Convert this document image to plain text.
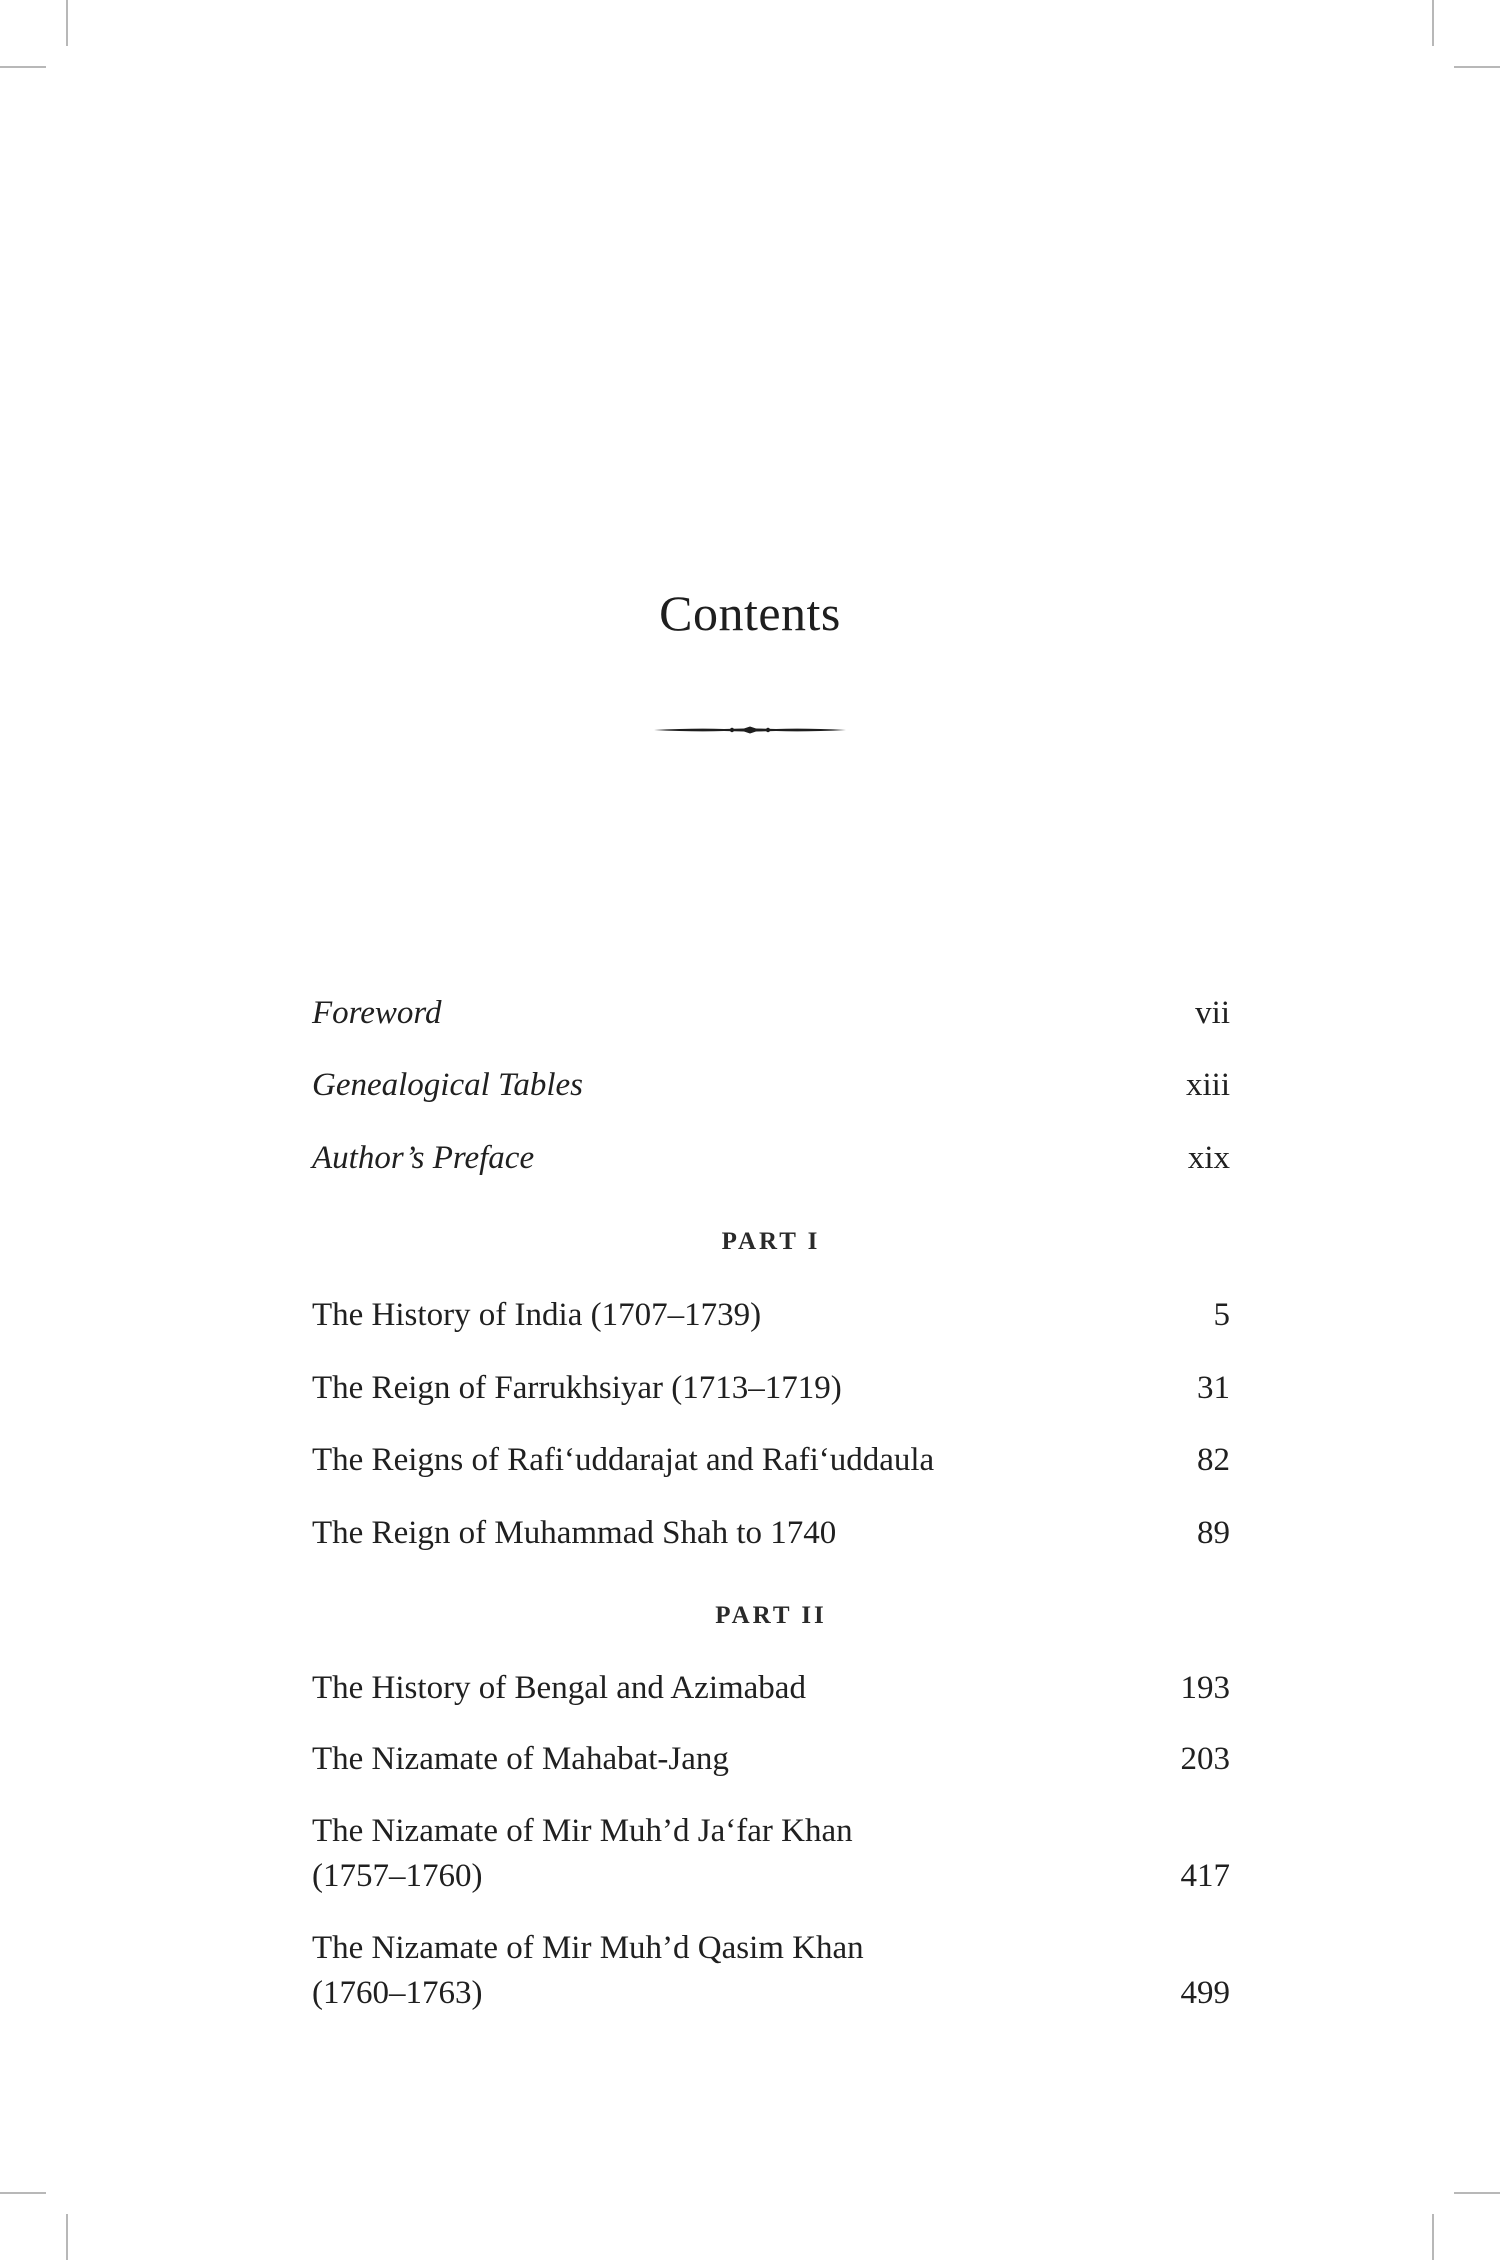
Contents
Foreword	vii
Genealogical Tables	xiii
Author’s Preface	xix
PART I
The History of India (1707–1739)	5
The Reign of Farrukhsiyar (1713–1719)	31
The Reigns of Rafi‘uddarajat and Rafi‘uddaula	82
The Reign of Muhammad Shah to 1740	89
PART II
The History of Bengal and Azimabad	193
The Nizamate of Mahabat-Jang	203
The Nizamate of Mir Muh’d Ja‘far Khan
(1757–1760)	417
The Nizamate of Mir Muh’d Qasim Khan
(1760–1763)	499
